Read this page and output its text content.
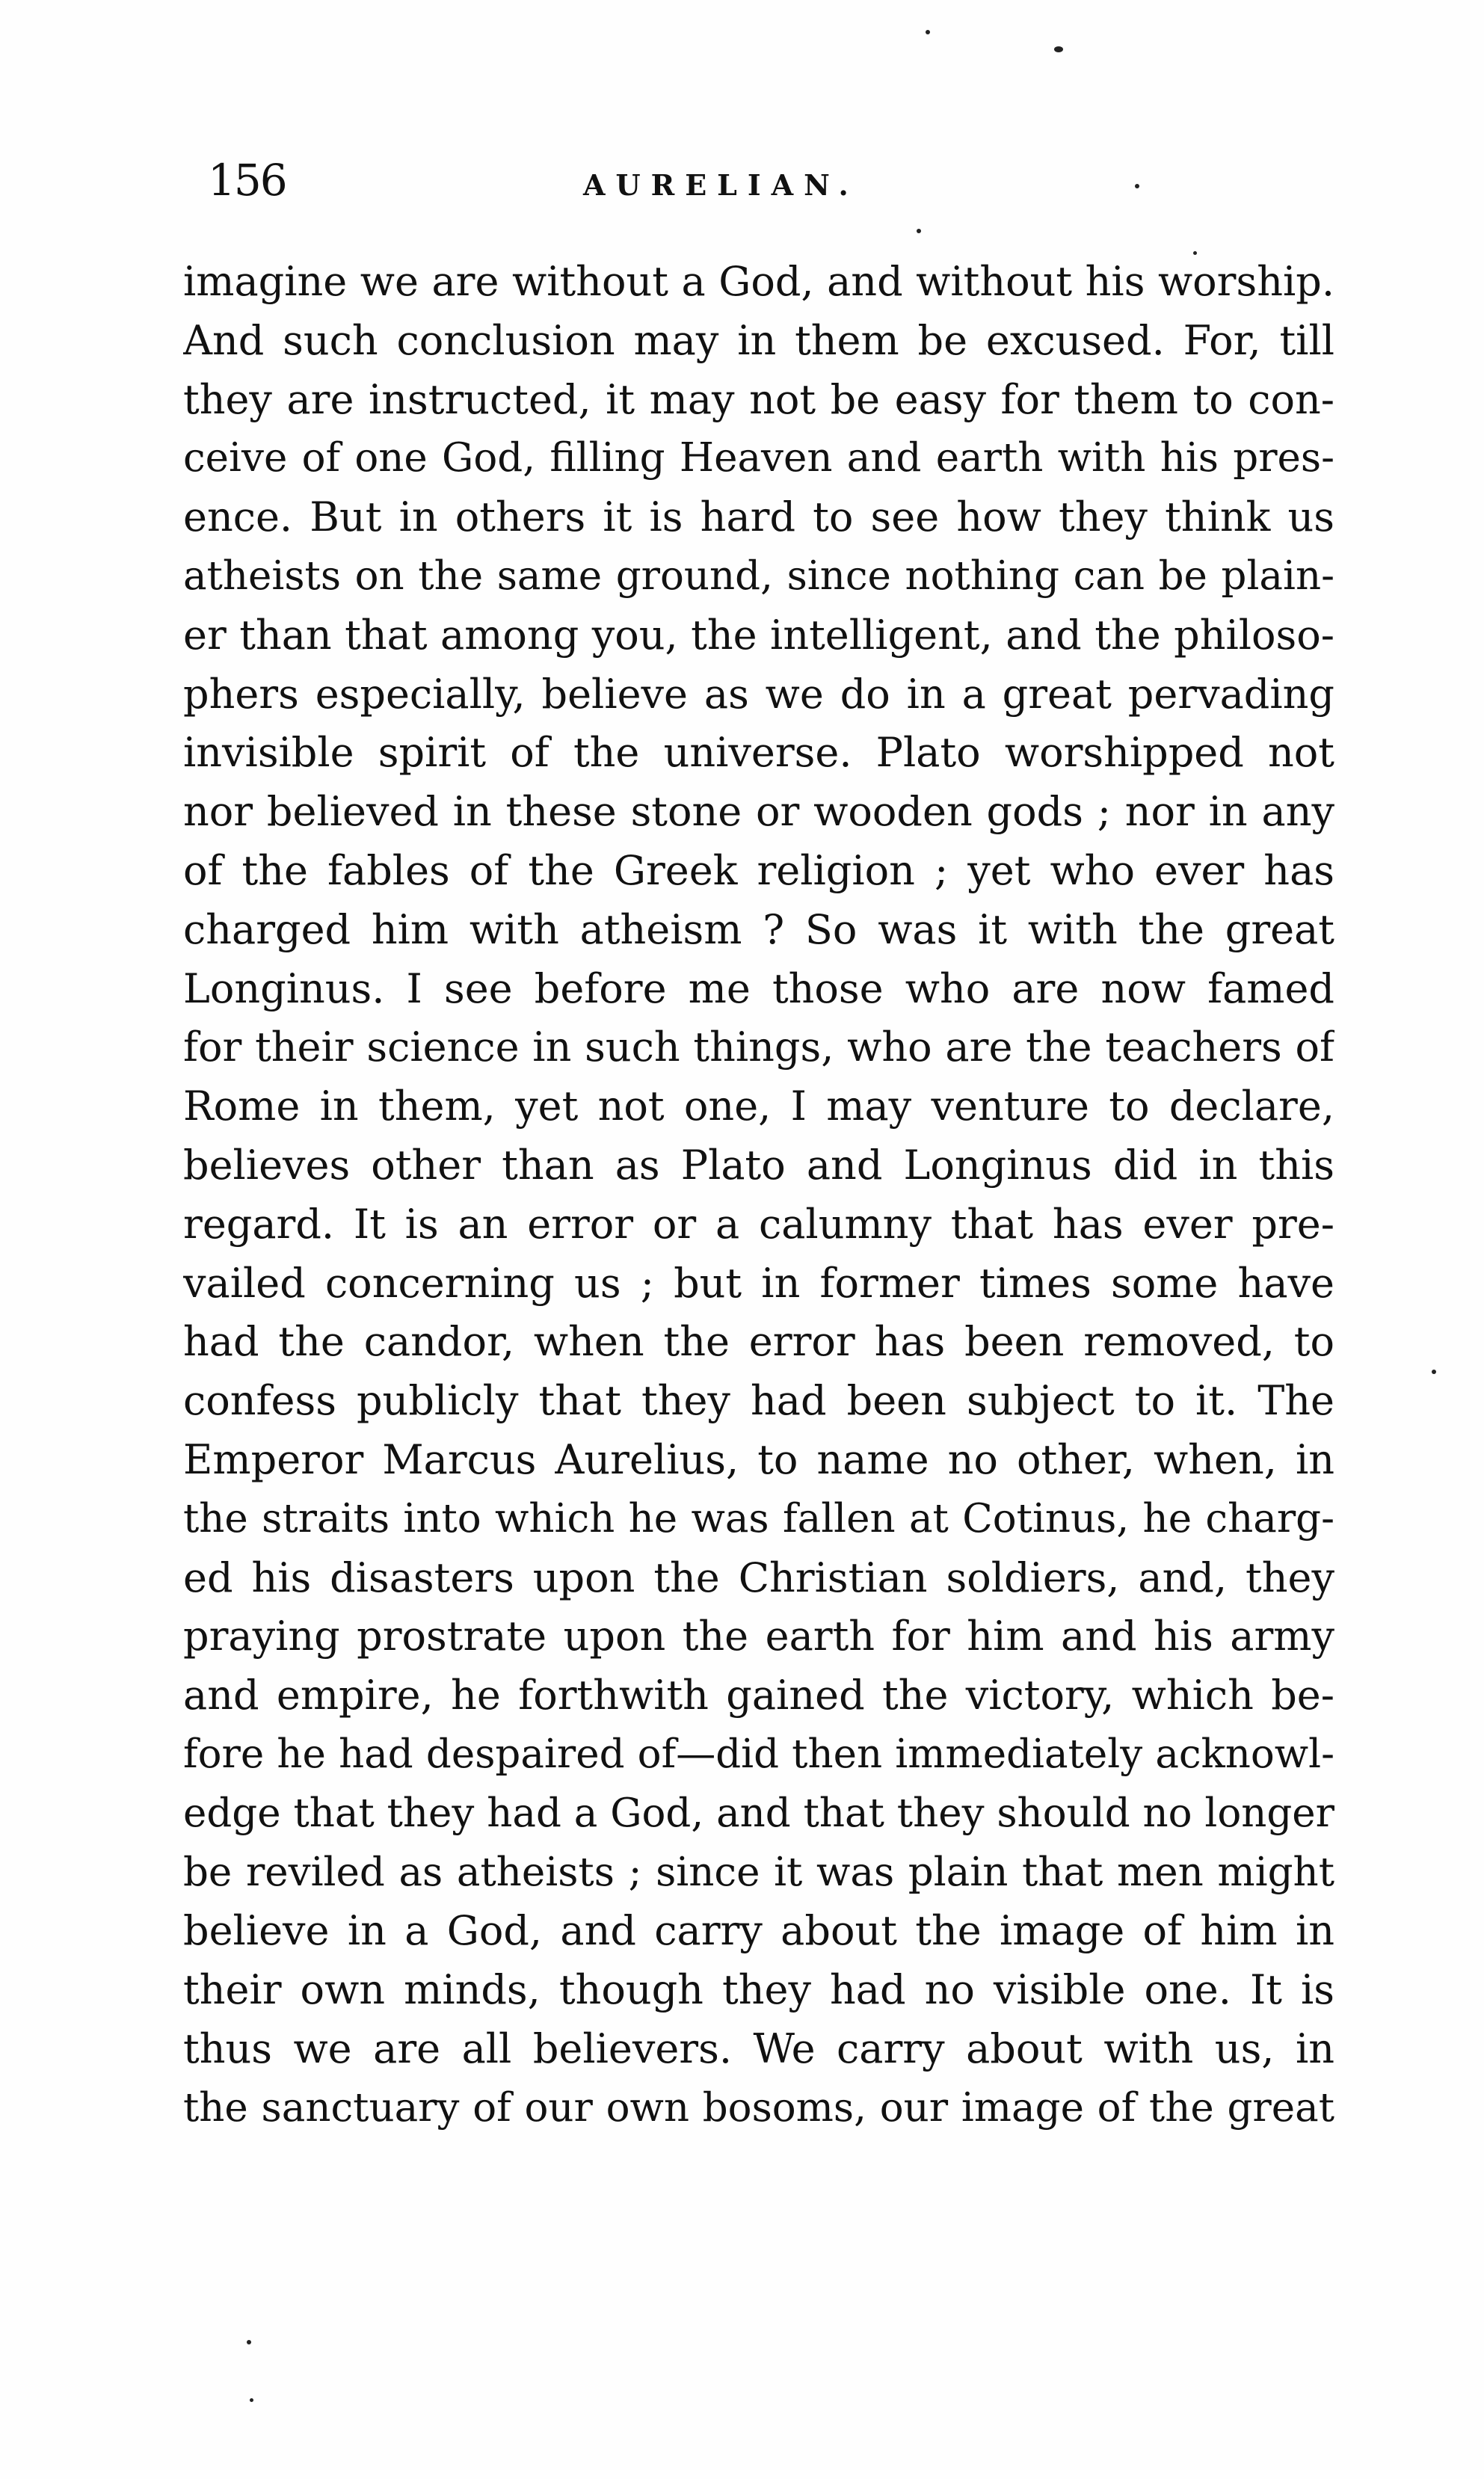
156	AURELIAN.
imagine we are without a God, and without his worship.
And such conclusion may in them be excused. For, till
they are instructed, it may not be easy for them to con-
ceive of one God, filling Heaven and earth with his pres-
ence. But in others it is hard to see how they think us
atheists on the same ground, since nothing can be plain-
er than that among you, the intelligent, and the philoso-
phers especially, believe as we do in a great pervading
invisible spirit of the universe. Plato worshipped not
nor believed in these stone or wooden gods ; nor in any
of the fables of the Greek religion ; yet who ever has
charged him with atheism ? So was it with the great
Longinus. I see before me those who are now famed
for their science in such things, who are the teachers of
Rome in them, yet not one, I may venture to declare,
believes other than as Plato and Longinus did in this
regard. It is an error or a calumny that has ever pre-
vailed concerning us ; but in former times some have
had the candor, when the error has been removed, to
confess publicly that they had been subject to it. The
Emperor Marcus Aurelius, to name no other, when, in
the straits into which he was fallen at Cotinus, he charg-
ed his disasters upon the Christian soldiers, and, they
praying prostrate upon the earth for him and his army
and empire, he forthwith gained the victory, which be-
fore he had despaired of—did then immediately acknowl-
edge that they had a God, and that they should no longer
be reviled as atheists ; since it was plain that men might
believe in a God, and carry about the image of him in
their own minds, though they had no visible one. It is
thus we are all believers. We carry about with us, in
the sanctuary of our own bosoms, our image of the great
